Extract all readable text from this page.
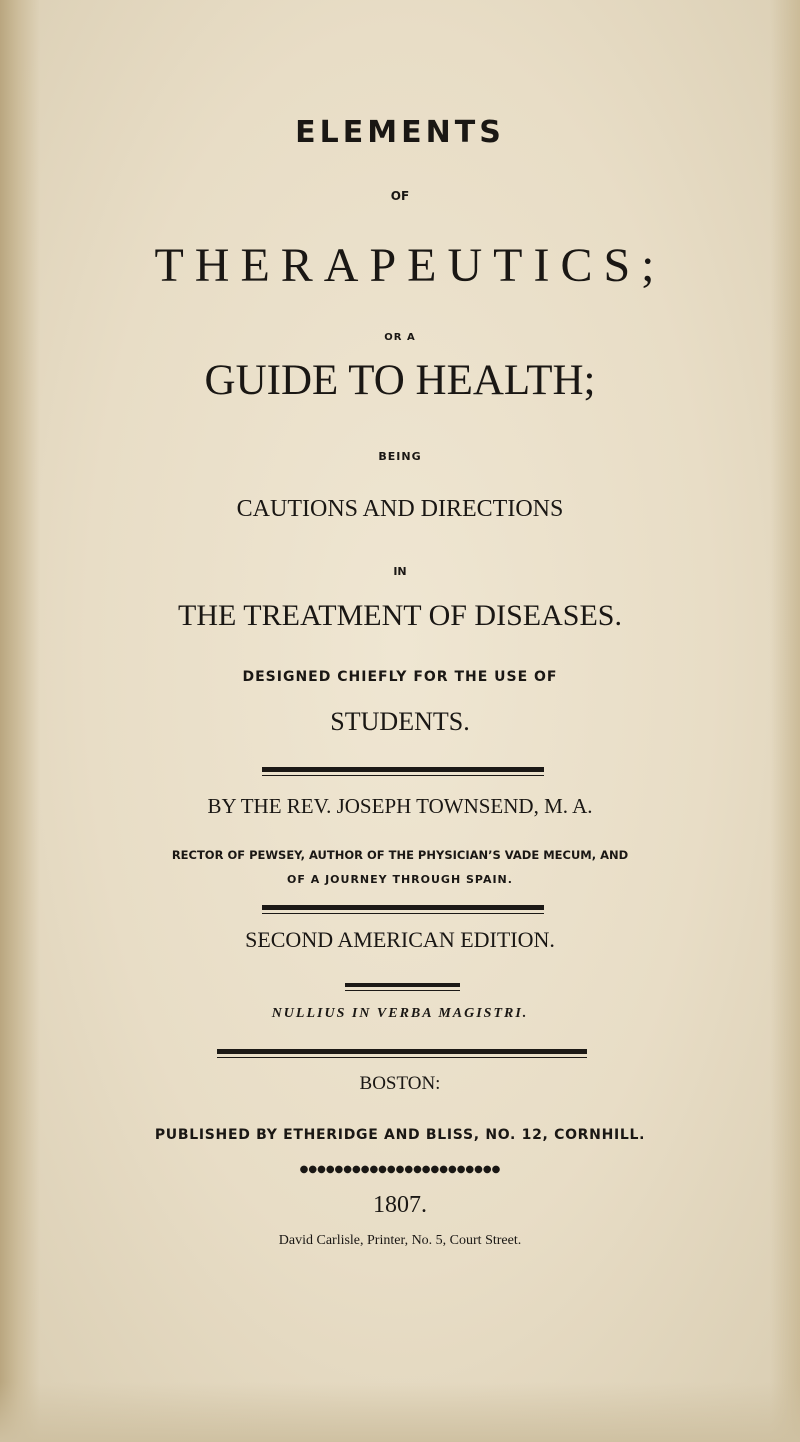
ELEMENTS
OF
THERAPEUTICS;
OR A
GUIDE TO HEALTH;
BEING
CAUTIONS AND DIRECTIONS
IN
THE TREATMENT OF DISEASES.
DESIGNED CHIEFLY FOR THE USE OF
STUDENTS.
BY THE REV. JOSEPH TOWNSEND, M. A.
RECTOR OF PEWSEY, AUTHOR OF THE PHYSICIAN’S VADE MECUM, AND
OF A JOURNEY THROUGH SPAIN.
SECOND AMERICAN EDITION.
NULLIUS IN VERBA MAGISTRI.
BOSTON:
PUBLISHED BY ETHERIDGE AND BLISS, NO. 12, CORNHILL.
●●●●●●●●●●●●●●●●●●●●●●●
1807.
David Carlisle, Printer, No. 5, Court Street.
